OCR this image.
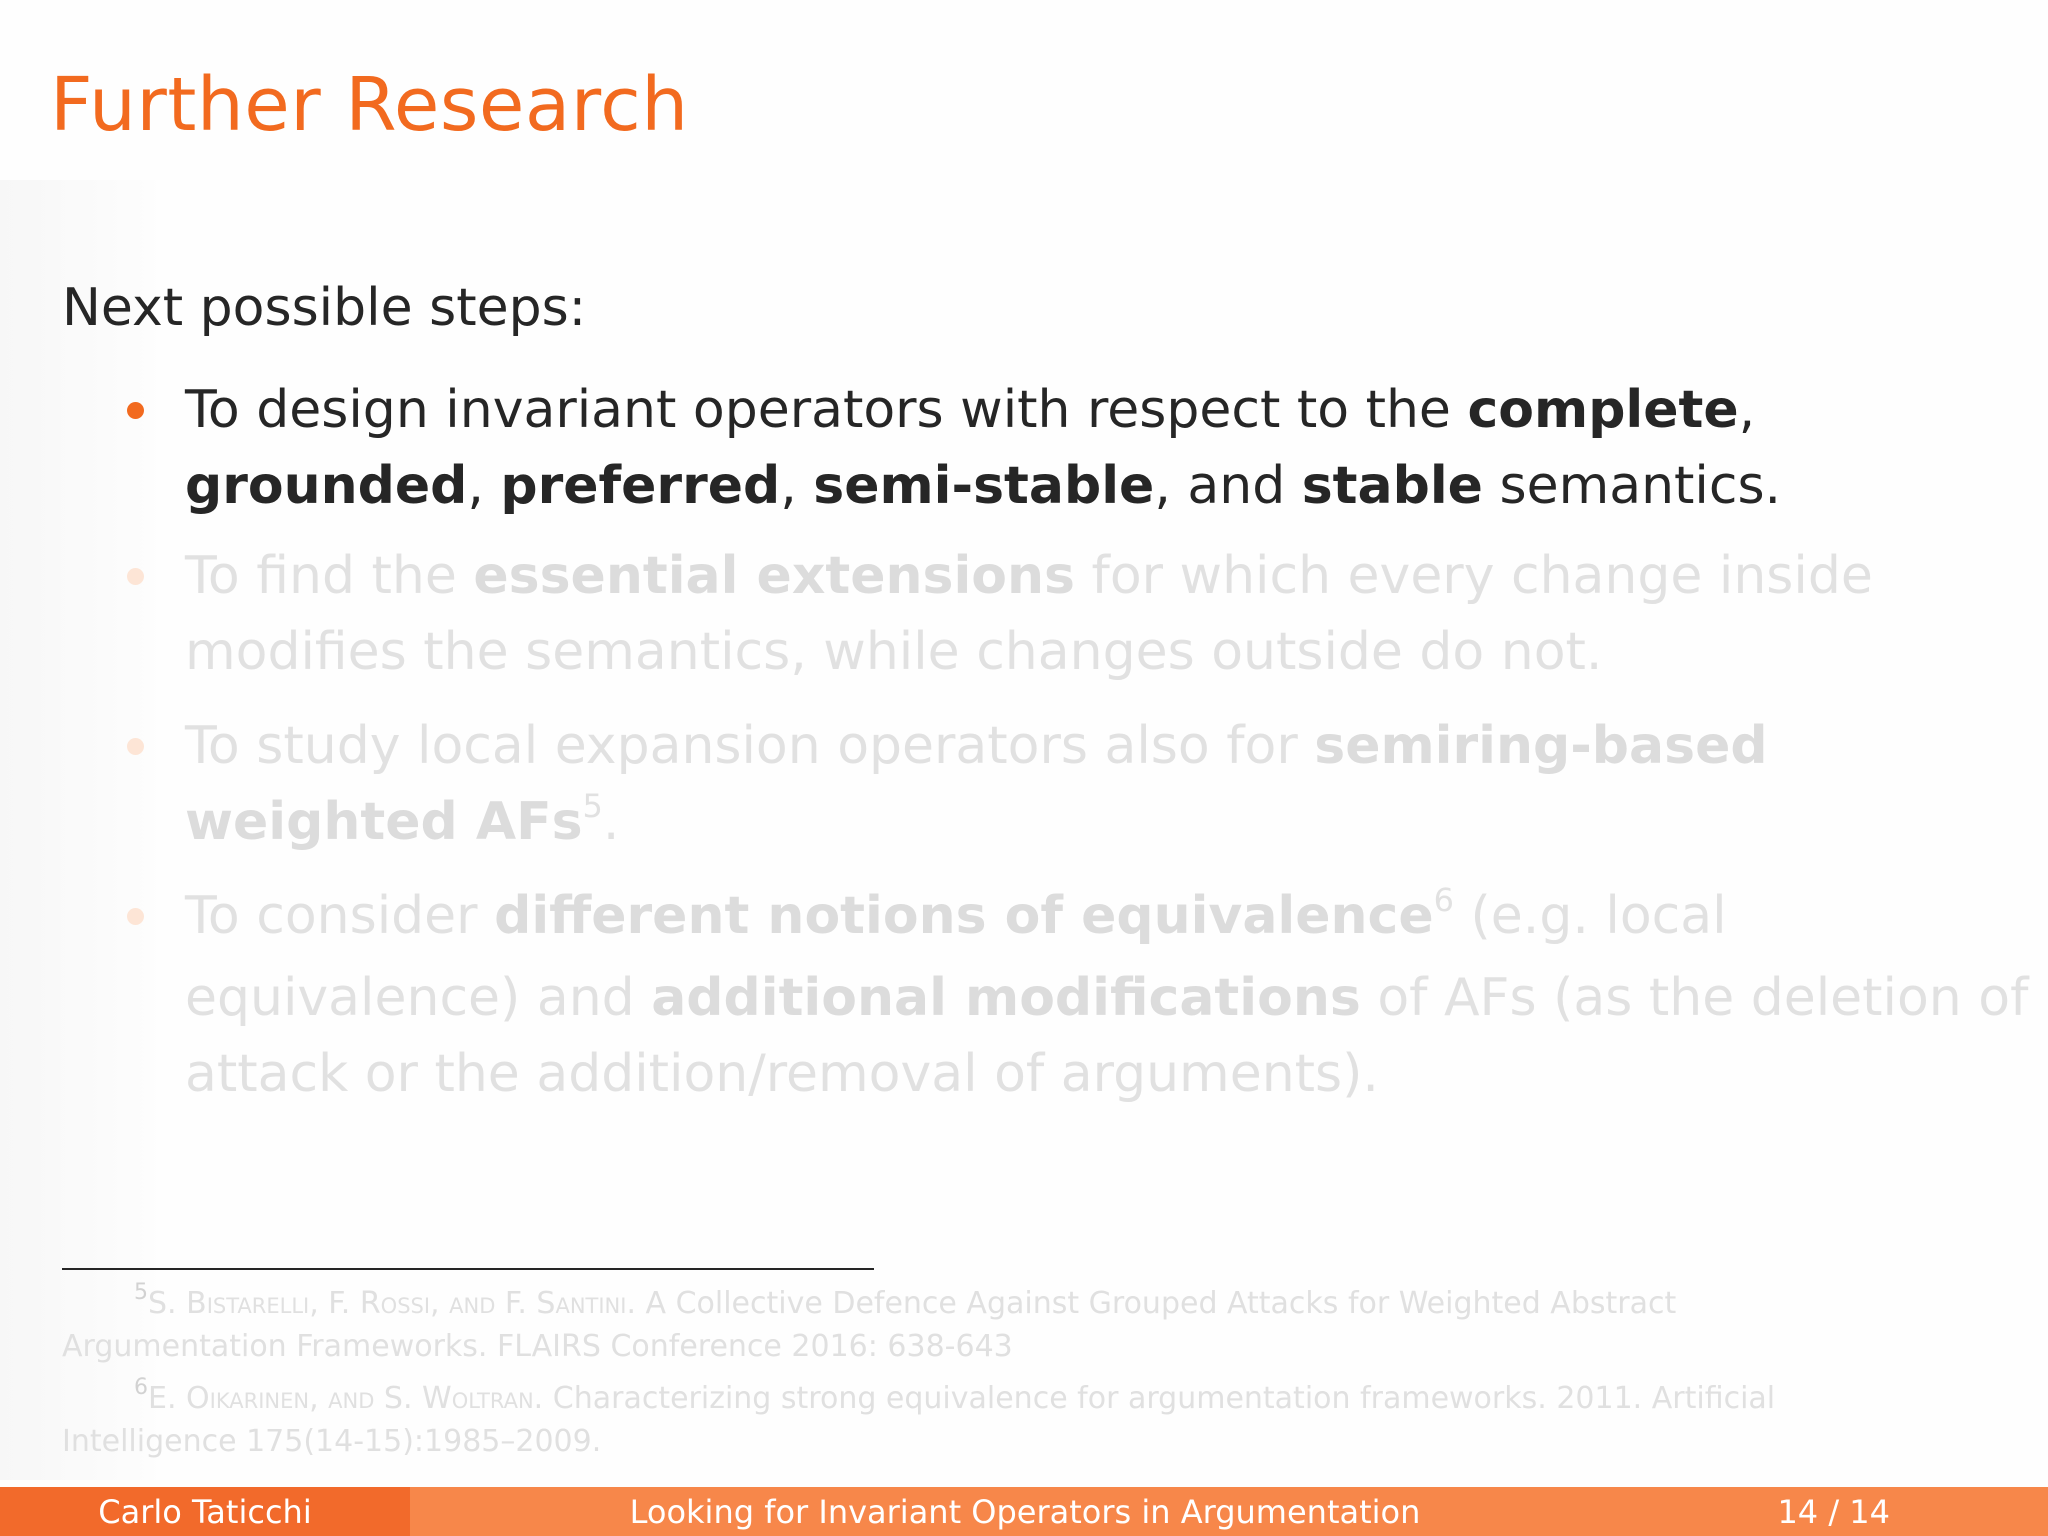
Further Research
Next possible steps:
To design invariant operators with respect to the complete,
grounded, preferred, semi-stable, and stable semantics.
To find the essential extensions for which every change inside
modifies the semantics, while changes outside do not.
To study local expansion operators also for semiring-based
weighted AFs$^5$.
To consider different notions of equivalence$^6$ (e.g. local
equivalence) and additional modifications of AFs (as the deletion of
attack or the addition/removal of arguments).
$^5$S. Bistarelli, F. Rossi, and F. Santini. A Collective Defence Against Grouped Attacks for Weighted Abstract
Argumentation Frameworks. FLAIRS Conference 2016: 638-643
$^6$E. Oikarinen, and S. Woltran. Characterizing strong equivalence for argumentation frameworks. 2011. Artificial
Intelligence 175(14-15):1985–2009.
Carlo Taticchi	Looking for Invariant Operators in Argumentation	14 / 14
